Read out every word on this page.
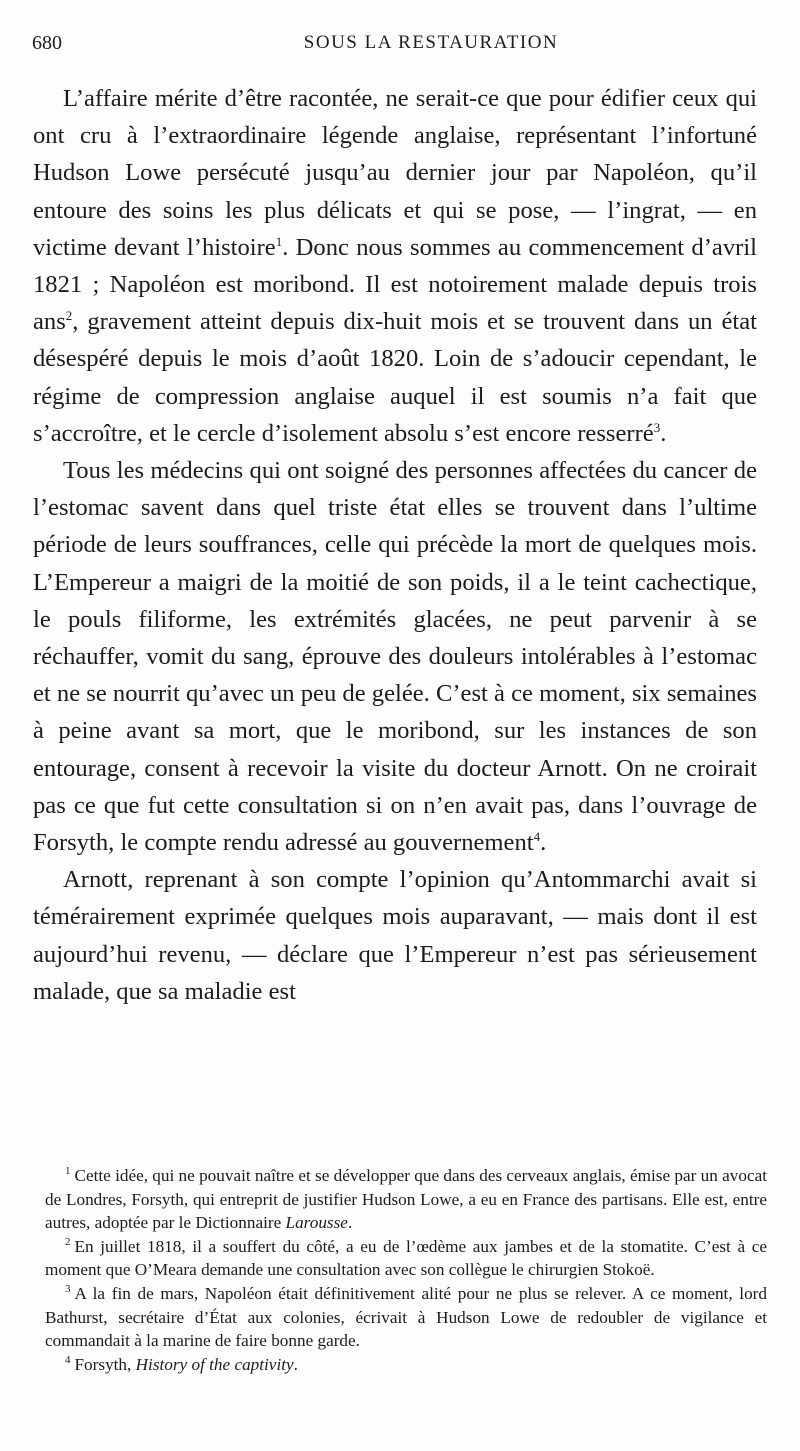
680	SOUS LA RESTAURATION

L’affaire mérite d’être racontée, ne serait-ce que pour édifier ceux qui ont cru à l’extraordinaire légende anglaise, représentant l’infortuné Hudson Lowe persécuté jusqu’au dernier jour par Napoléon, qu’il entoure des soins les plus délicats et qui se pose, — l’ingrat, — en victime devant l’histoire$^1$. Donc nous sommes au commencement d’avril 1821 ; Napoléon est moribond. Il est notoirement malade depuis trois ans$^2$, gravement atteint depuis dix-huit mois et se trouvent dans un état désespéré depuis le mois d’août 1820. Loin de s’adoucir cependant, le régime de compression anglaise auquel il est soumis n’a fait que s’accroître, et le cercle d’isolement absolu s’est encore resserré$^3$.

Tous les médecins qui ont soigné des personnes affectées du cancer de l’estomac savent dans quel triste état elles se trouvent dans l’ultime période de leurs souffrances, celle qui précède la mort de quelques mois. L’Empereur a maigri de la moitié de son poids, il a le teint cachectique, le pouls filiforme, les extrémités glacées, ne peut parvenir à se réchauffer, vomit du sang, éprouve des douleurs intolérables à l’estomac et ne se nourrit qu’avec un peu de gelée. C’est à ce moment, six semaines à peine avant sa mort, que le moribond, sur les instances de son entourage, consent à recevoir la visite du docteur Arnott. On ne croirait pas ce que fut cette consultation si on n’en avait pas, dans l’ouvrage de Forsyth, le compte rendu adressé au gouvernement$^4$.

Arnott, reprenant à son compte l’opinion qu’Antommarchi avait si témérairement exprimée quelques mois auparavant, — mais dont il est aujourd’hui revenu, — déclare que l’Empereur n’est pas sérieusement malade, que sa maladie est

$^1$ Cette idée, qui ne pouvait naître et se développer que dans des cerveaux anglais, émise par un avocat de Londres, Forsyth, qui entreprit de justifier Hudson Lowe, a eu en France des partisans. Elle est, entre autres, adoptée par le Dictionnaire Larousse.

$^2$ En juillet 1818, il a souffert du côté, a eu de l’œdème aux jambes et de la stomatite. C’est à ce moment que O’Meara demande une consultation avec son collègue le chirurgien Stokoë.

$^3$ A la fin de mars, Napoléon était définitivement alité pour ne plus se relever. A ce moment, lord Bathurst, secrétaire d’État aux colonies, écrivait à Hudson Lowe de redoubler de vigilance et commandait à la marine de faire bonne garde.

$^4$ Forsyth, History of the captivity.
